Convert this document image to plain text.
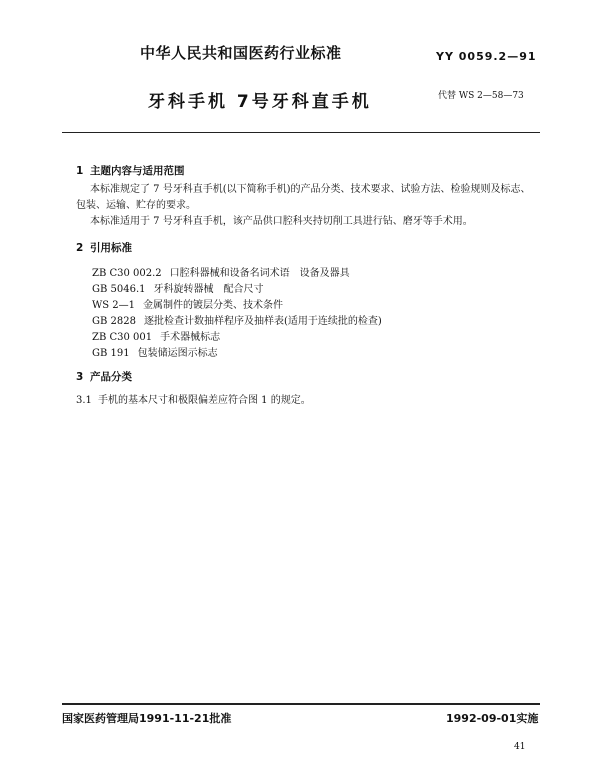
中华人民共和国医药行业标准	YY 0059.2—91
牙科手机 7号牙科直手机	代替 WS 2—58—73
1 主题内容与适用范围
本标准规定了 7 号牙科直手机(以下简称手机)的产品分类、技术要求、试验方法、检验规则及标志、
包装、运输、贮存的要求。
本标准适用于 7 号牙科直手机，该产品供口腔科夹持切削工具进行钻、磨牙等手术用。
2 引用标准
ZB C30 002.2 口腔科器械和设备名词术语　设备及器具
GB 5046.1 牙科旋转器械　配合尺寸
WS 2—1 金属制件的镀层分类、技术条件
GB 2828 逐批检查计数抽样程序及抽样表(适用于连续批的检查)
ZB C30 001 手术器械标志
GB 191 包装储运图示标志
3 产品分类
3.1 手机的基本尺寸和极限偏差应符合图 1 的规定。
国家医药管理局1991-11-21批准	1992-09-01实施
41
